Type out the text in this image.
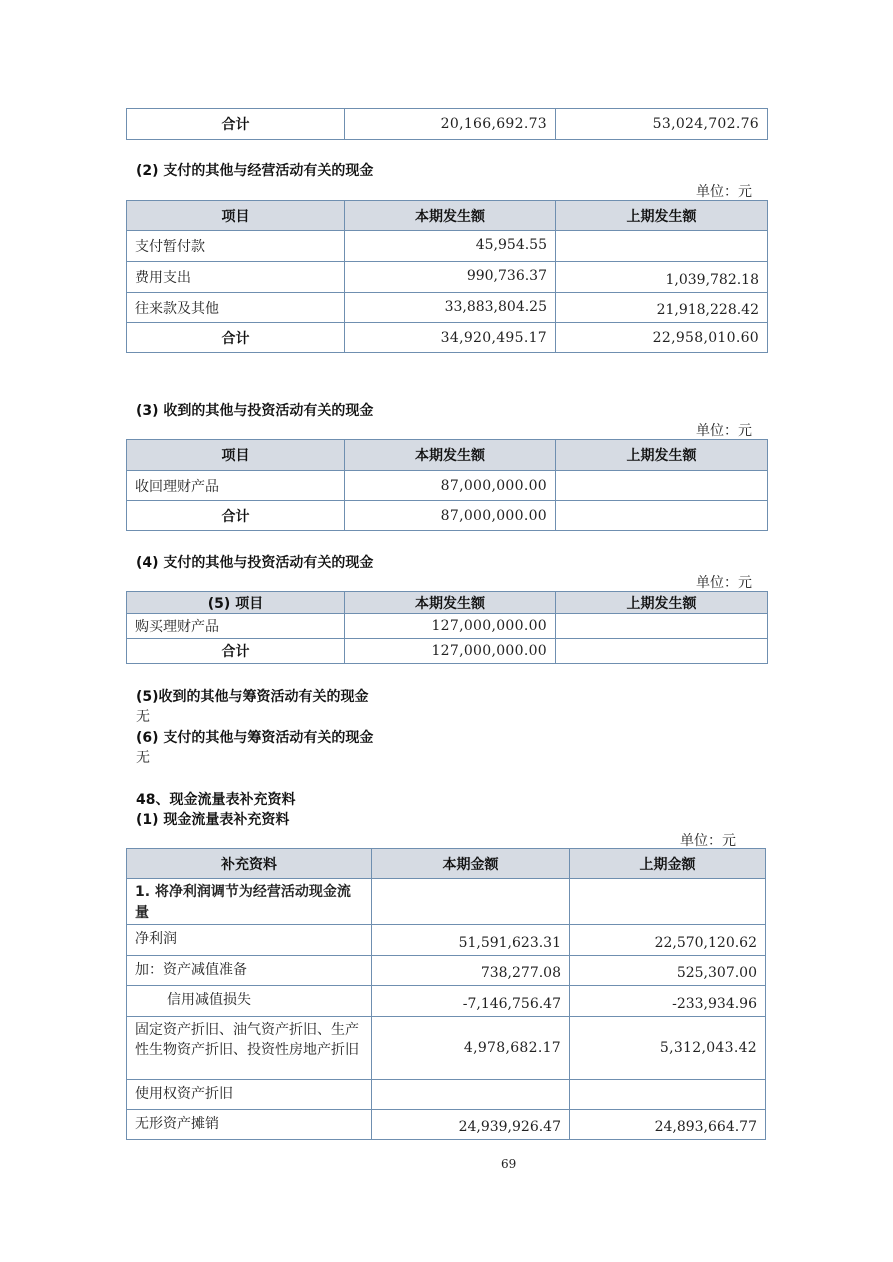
合计	20,166,692.73	53,024,702.76
(2) 支付的其他与经营活动有关的现金
单位：元
项目	本期发生额	上期发生额
支付暂付款	45,954.55	
费用支出	990,736.37	1,039,782.18
往来款及其他	33,883,804.25	21,918,228.42
合计	34,920,495.17	22,958,010.60
(3) 收到的其他与投资活动有关的现金
单位：元
项目	本期发生额	上期发生额
收回理财产品	87,000,000.00	
合计	87,000,000.00	
(4) 支付的其他与投资活动有关的现金
单位：元
(5) 项目	本期发生额	上期发生额
购买理财产品	127,000,000.00	
合计	127,000,000.00	
(5)收到的其他与筹资活动有关的现金
无
(6) 支付的其他与筹资活动有关的现金
无
48、现金流量表补充资料
(1) 现金流量表补充资料
单位：元
补充资料	本期金额	上期金额
1. 将净利润调节为经营活动现金流量		
净利润	51,591,623.31	22,570,120.62
加：资产减值准备	738,277.08	525,307.00
信用减值损失	-7,146,756.47	-233,934.96
固定资产折旧、油气资产折旧、生产性生物资产折旧、投资性房地产折旧	4,978,682.17	5,312,043.42
使用权资产折旧		
无形资产摊销	24,939,926.47	24,893,664.77
69
